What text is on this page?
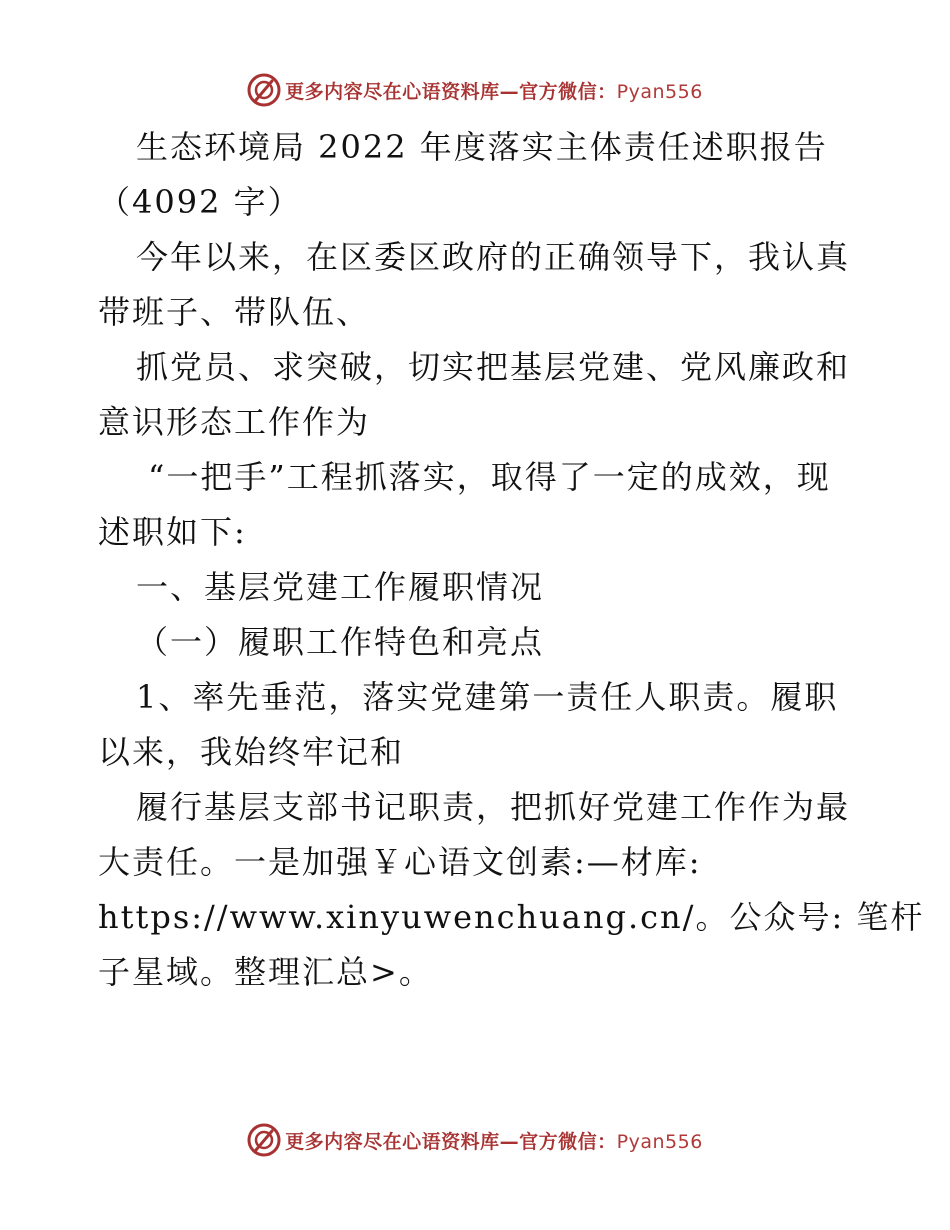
更多内容尽在心语资料库—官方微信：Pyan556
生态环境局 2022 年度落实主体责任述职报告
（4092 字）
今年以来，在区委区政府的正确领导下，我认真
带班子、带队伍、
抓党员、求突破，切实把基层党建、党风廉政和
意识形态工作作为
“一把手”工程抓落实，取得了一定的成效，现
述职如下:
一、基层党建工作履职情况
（一）履职工作特色和亮点
1、率先垂范，落实党建第一责任人职责。履职
以来，我始终牢记和
履行基层支部书记职责，把抓好党建工作作为最
大责任。一是加强￥心语文创素:—材库:
https://www.xinyuwenchuang.cn/。公众号: 笔杆
子星域。整理汇总>。
更多内容尽在心语资料库—官方微信：Pyan556
